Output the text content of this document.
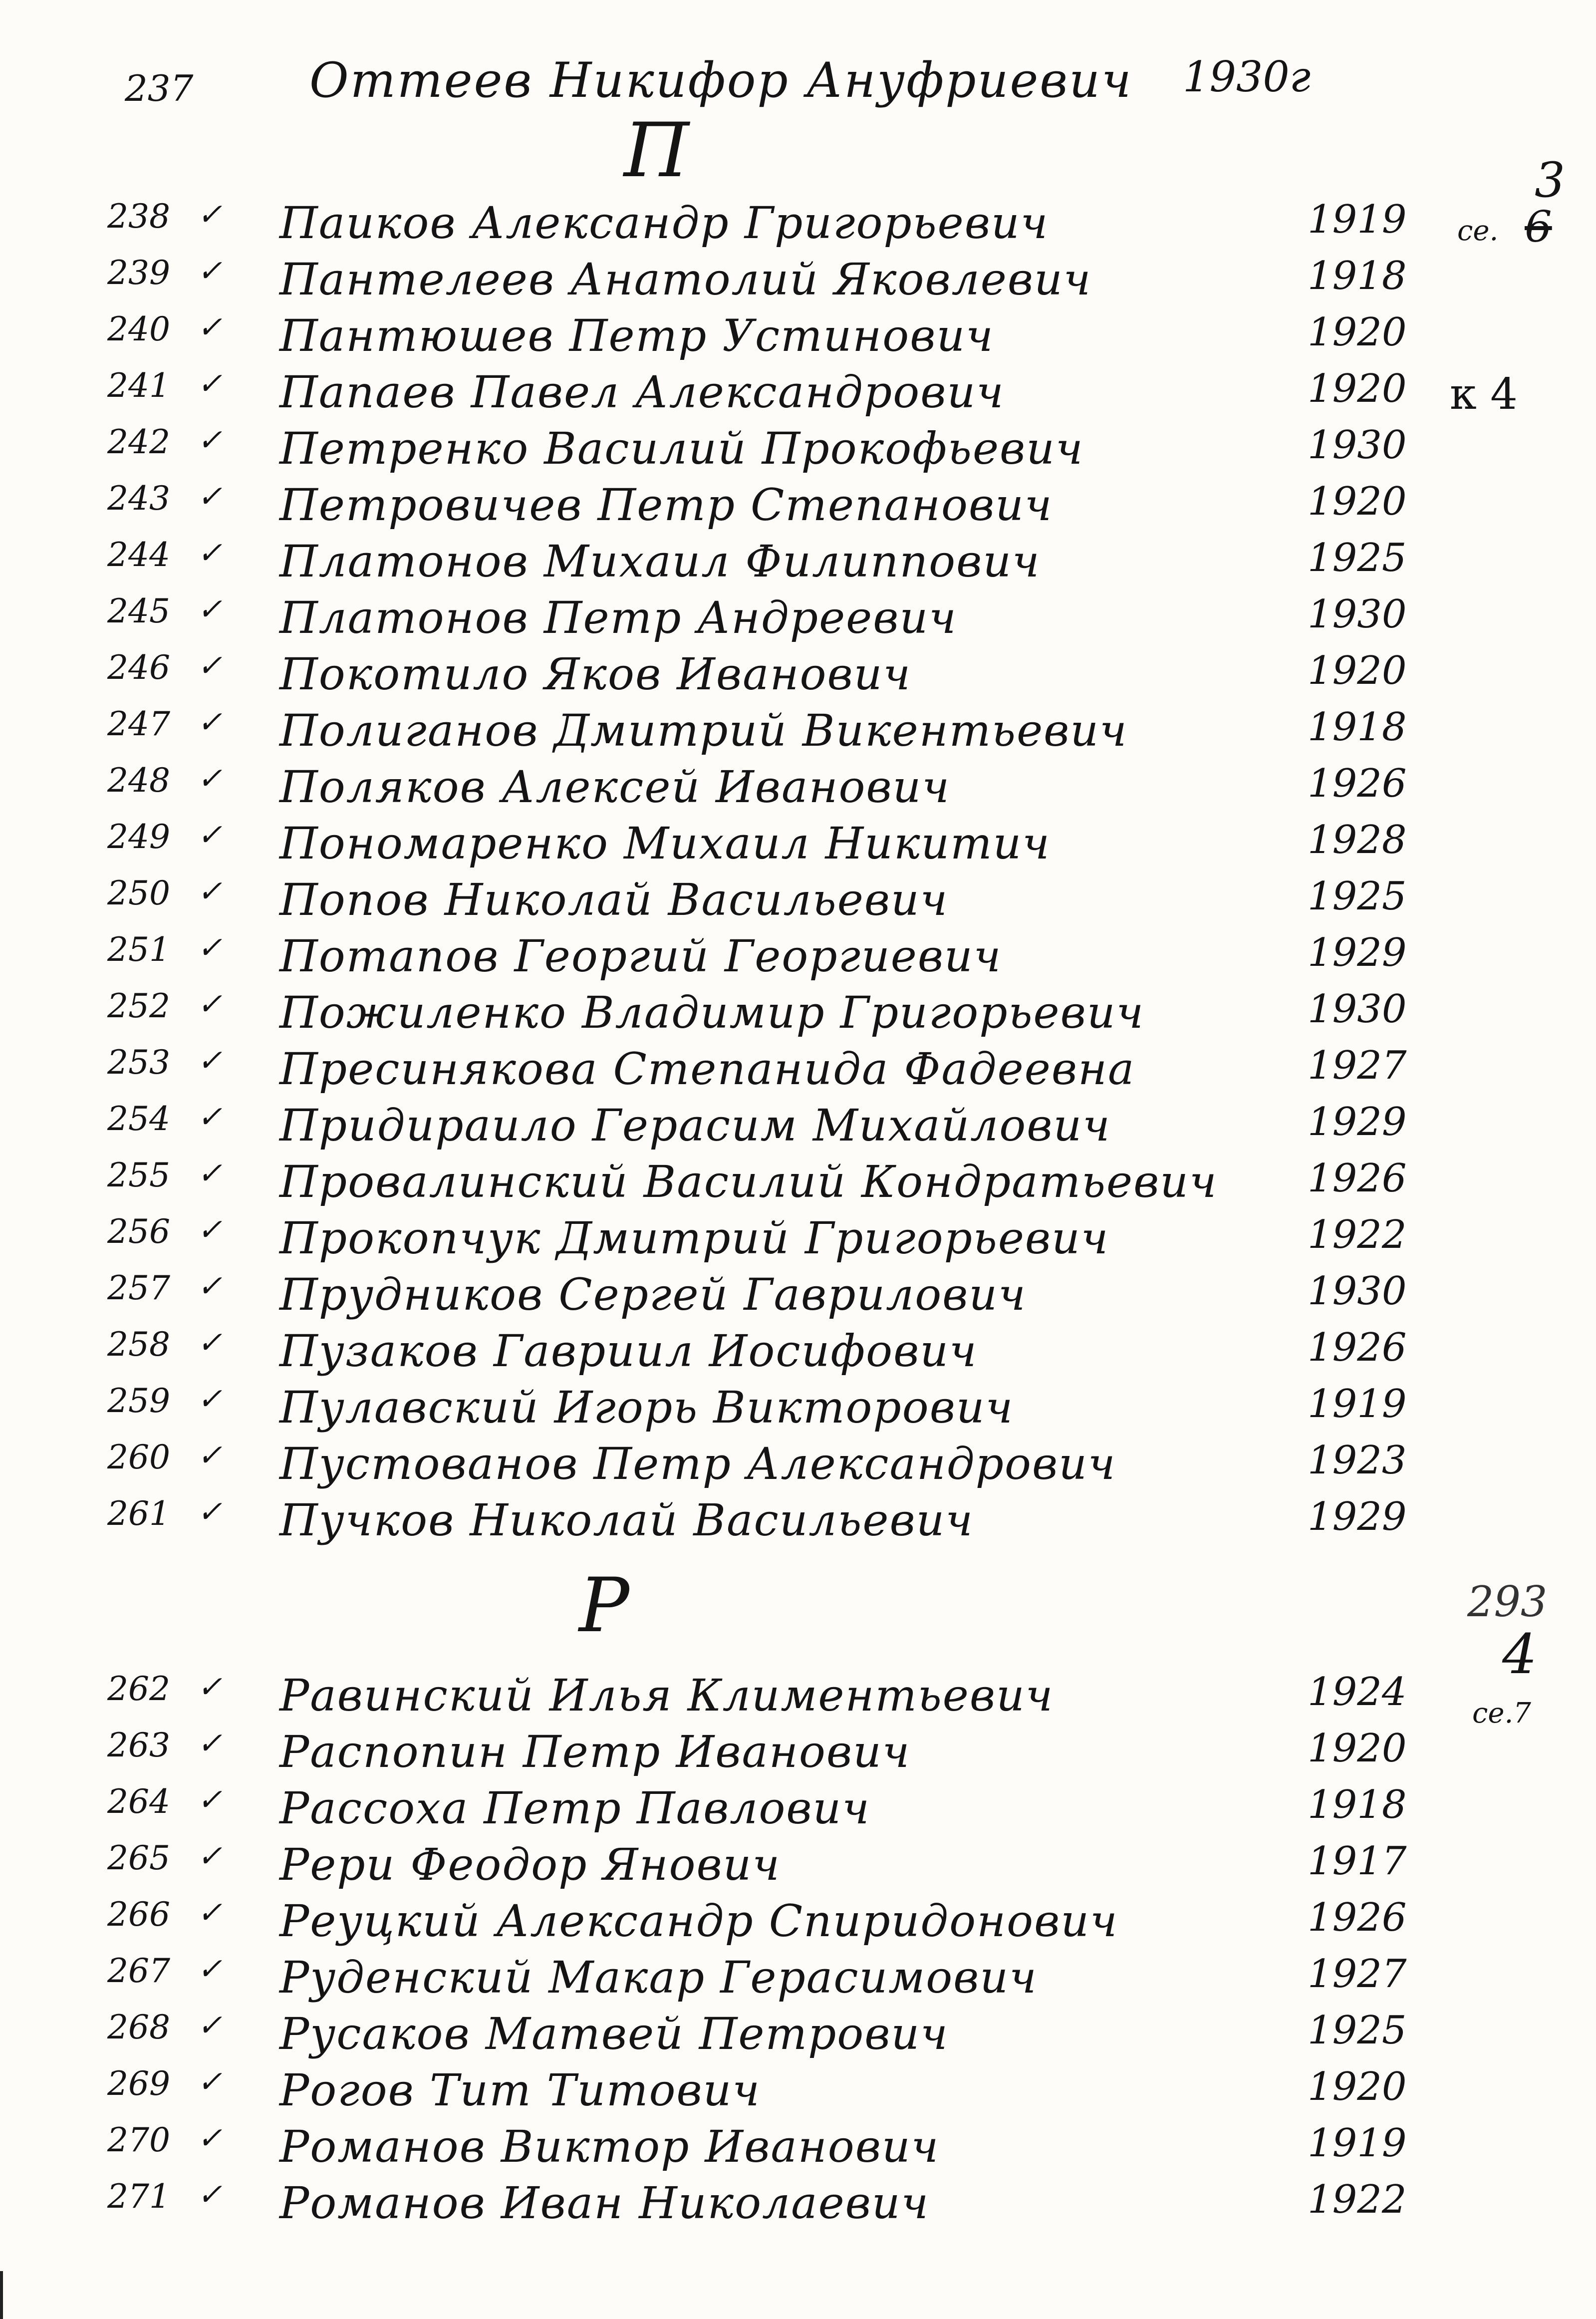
237 Оттеев Никифор Ануфриевич 1930г
П	3
се. 6
к 4
238 ✓ Паиков Александр Григорьевич	1919
239 ✓ Пантелеев Анатолий Яковлевич	1918
240 ✓ Пантюшев Петр Устинович	1920
241 ✓ Папаев Павел Александрович	1920
242 ✓ Петренко Василий Прокофьевич	1930
243 ✓ Петровичев Петр Степанович	1920
244 ✓ Платонов Михаил Филиппович	1925
245 ✓ Платонов Петр Андреевич	1930
246 ✓ Покотило Яков Иванович	1920
247 ✓ Полиганов Дмитрий Викентьевич	1918
248 ✓ Поляков Алексей Иванович	1926
249 ✓ Пономаренко Михаил Никитич	1928
250 ✓ Попов Николай Васильевич	1925
251 ✓ Потапов Георгий Георгиевич	1929
252 ✓ Пожиленко Владимир Григорьевич	1930
253 ✓ Пресинякова Степанида Фадеевна	1927
254 ✓ Придираило Герасим Михайлович	1929
255 ✓ Провалинский Василий Кондратьевич 1926
256 ✓ Прокопчук Дмитрий Григорьевич	1922
257 ✓ Прудников Сергей Гаврилович	1930
258 ✓ Пузаков Гавриил Иосифович	1926
259 ✓ Пулавский Игорь Викторович	1919
260 ✓ Пустованов Петр Александрович	1923
261 ✓ Пучков Николай Васильевич	1929
Р	293
4
се.7
262 ✓ Равинский Илья Климентьевич	1924
263 ✓ Распопин Петр Иванович	1920
264 ✓ Рассоха Петр Павлович	1918
265 ✓ Рери Феодор Янович	1917
266 ✓ Реуцкий Александр Спиридонович	1926
267 ✓ Руденский Макар Герасимович	1927
268 ✓ Русаков Матвей Петрович	1925
269 ✓ Рогов Тит Титович	1920
270 ✓ Романов Виктор Иванович	1919
271 ✓ Романов Иван Николаевич	1922
